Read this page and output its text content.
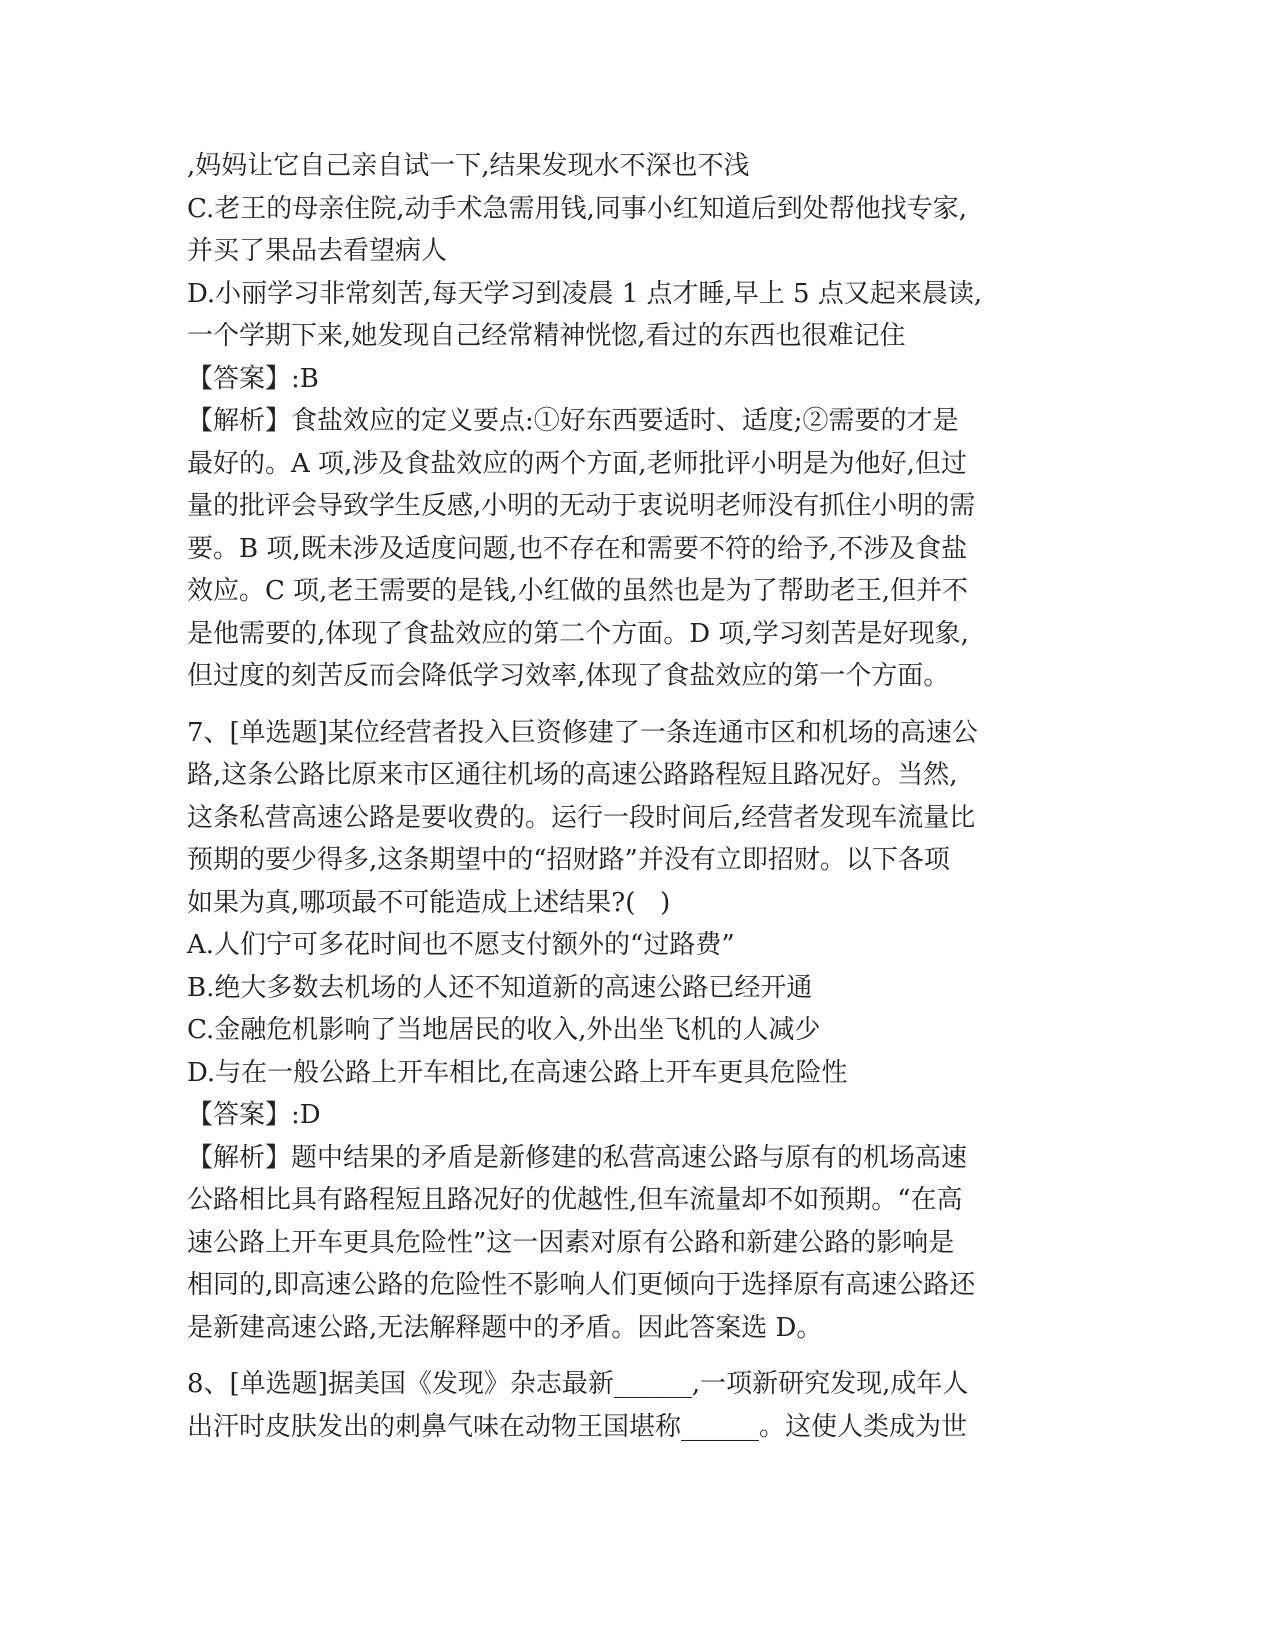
,妈妈让它自己亲自试一下,结果发现水不深也不浅
C.老王的母亲住院,动手术急需用钱,同事小红知道后到处帮他找专家,
并买了果品去看望病人
D.小丽学习非常刻苦,每天学习到凌晨 1 点才睡,早上 5 点又起来晨读,
一个学期下来,她发现自己经常精神恍惚,看过的东西也很难记住
【答案】:B
【解析】食盐效应的定义要点:①好东西要适时、适度;②需要的才是
最好的。A 项,涉及食盐效应的两个方面,老师批评小明是为他好,但过
量的批评会导致学生反感,小明的无动于衷说明老师没有抓住小明的需
要。B 项,既未涉及适度问题,也不存在和需要不符的给予,不涉及食盐
效应。C 项,老王需要的是钱,小红做的虽然也是为了帮助老王,但并不
是他需要的,体现了食盐效应的第二个方面。D 项,学习刻苦是好现象,
但过度的刻苦反而会降低学习效率,体现了食盐效应的第一个方面。
7、[单选题]某位经营者投入巨资修建了一条连通市区和机场的高速公
路,这条公路比原来市区通往机场的高速公路路程短且路况好。当然,
这条私营高速公路是要收费的。运行一段时间后,经营者发现车流量比
预期的要少得多,这条期望中的“招财路”并没有立即招财。以下各项
如果为真,哪项最不可能造成上述结果?(   )
A.人们宁可多花时间也不愿支付额外的“过路费”
B.绝大多数去机场的人还不知道新的高速公路已经开通
C.金融危机影响了当地居民的收入,外出坐飞机的人减少
D.与在一般公路上开车相比,在高速公路上开车更具危险性
【答案】:D
【解析】题中结果的矛盾是新修建的私营高速公路与原有的机场高速
公路相比具有路程短且路况好的优越性,但车流量却不如预期。“在高
速公路上开车更具危险性”这一因素对原有公路和新建公路的影响是
相同的,即高速公路的危险性不影响人们更倾向于选择原有高速公路还
是新建高速公路,无法解释题中的矛盾。因此答案选 D。
8、[单选题]据美国《发现》杂志最新______,一项新研究发现,成年人
出汗时皮肤发出的刺鼻气味在动物王国堪称______。这使人类成为世
